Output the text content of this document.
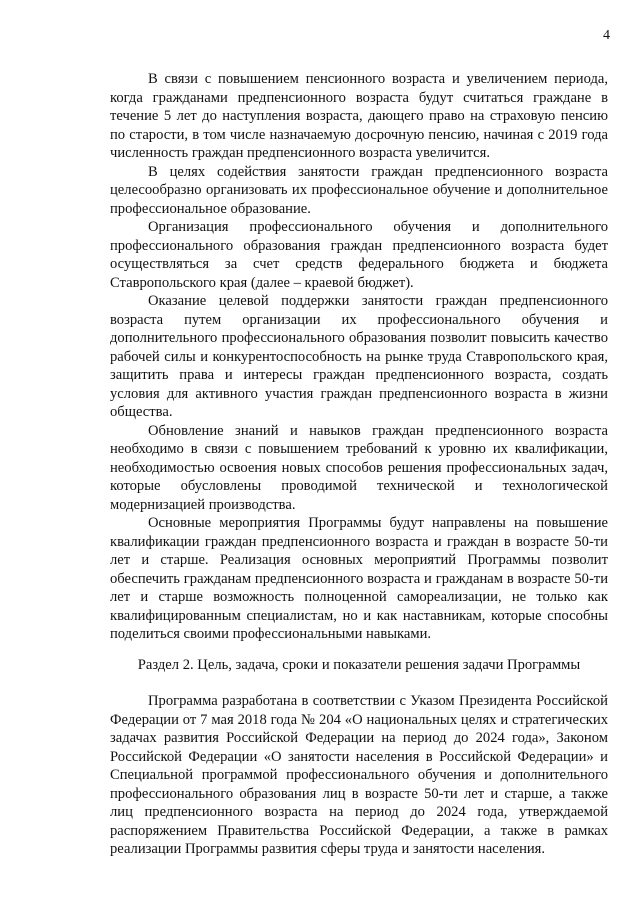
4

В связи с повышением пенсионного возраста и увеличением периода, когда гражданами предпенсионного возраста будут считаться граждане в течение 5 лет до наступления возраста, дающего право на страховую пенсию по старости, в том числе назначаемую досрочную пенсию, начиная с 2019 года численность граждан предпенсионного возраста увеличится.

В целях содействия занятости граждан предпенсионного возраста целесообразно организовать их профессиональное обучение и дополнительное профессиональное образование.

Организация профессионального обучения и дополнительного профессионального образования граждан предпенсионного возраста будет осуществляться за счет средств федерального бюджета и бюджета Ставропольского края (далее – краевой бюджет).

Оказание целевой поддержки занятости граждан предпенсионного возраста путем организации их профессионального обучения и дополнительного профессионального образования позволит повысить качество рабочей силы и конкурентоспособность на рынке труда Ставропольского края, защитить права и интересы граждан предпенсионного возраста, создать условия для активного участия граждан предпенсионного возраста в жизни общества.

Обновление знаний и навыков граждан предпенсионного возраста необходимо в связи с повышением требований к уровню их квалификации, необходимостью освоения новых способов решения профессиональных задач, которые обусловлены проводимой технической и технологической модернизацией производства.

Основные мероприятия Программы будут направлены на повышение квалификации граждан предпенсионного возраста и граждан в возрасте 50-ти лет и старше. Реализация основных мероприятий Программы позволит обеспечить гражданам предпенсионного возраста и гражданам в возрасте 50-ти лет и старше возможность полноценной самореализации, не только как квалифицированным специалистам, но и как наставникам, которые способны поделиться своими профессиональными навыками.

Раздел 2. Цель, задача, сроки и показатели решения задачи Программы

Программа разработана в соответствии с Указом Президента Российской Федерации от 7 мая 2018 года № 204 «О национальных целях и стратегических задачах развития Российской Федерации на период до 2024 года», Законом Российской Федерации «О занятости населения в Российской Федерации» и Специальной программой профессионального обучения и дополнительного профессионального образования лиц в возрасте 50-ти лет и старше, а также лиц предпенсионного возраста на период до 2024 года, утверждаемой распоряжением Правительства Российской Федерации, а также в рамках реализации Программы развития сферы труда и занятости населения.
